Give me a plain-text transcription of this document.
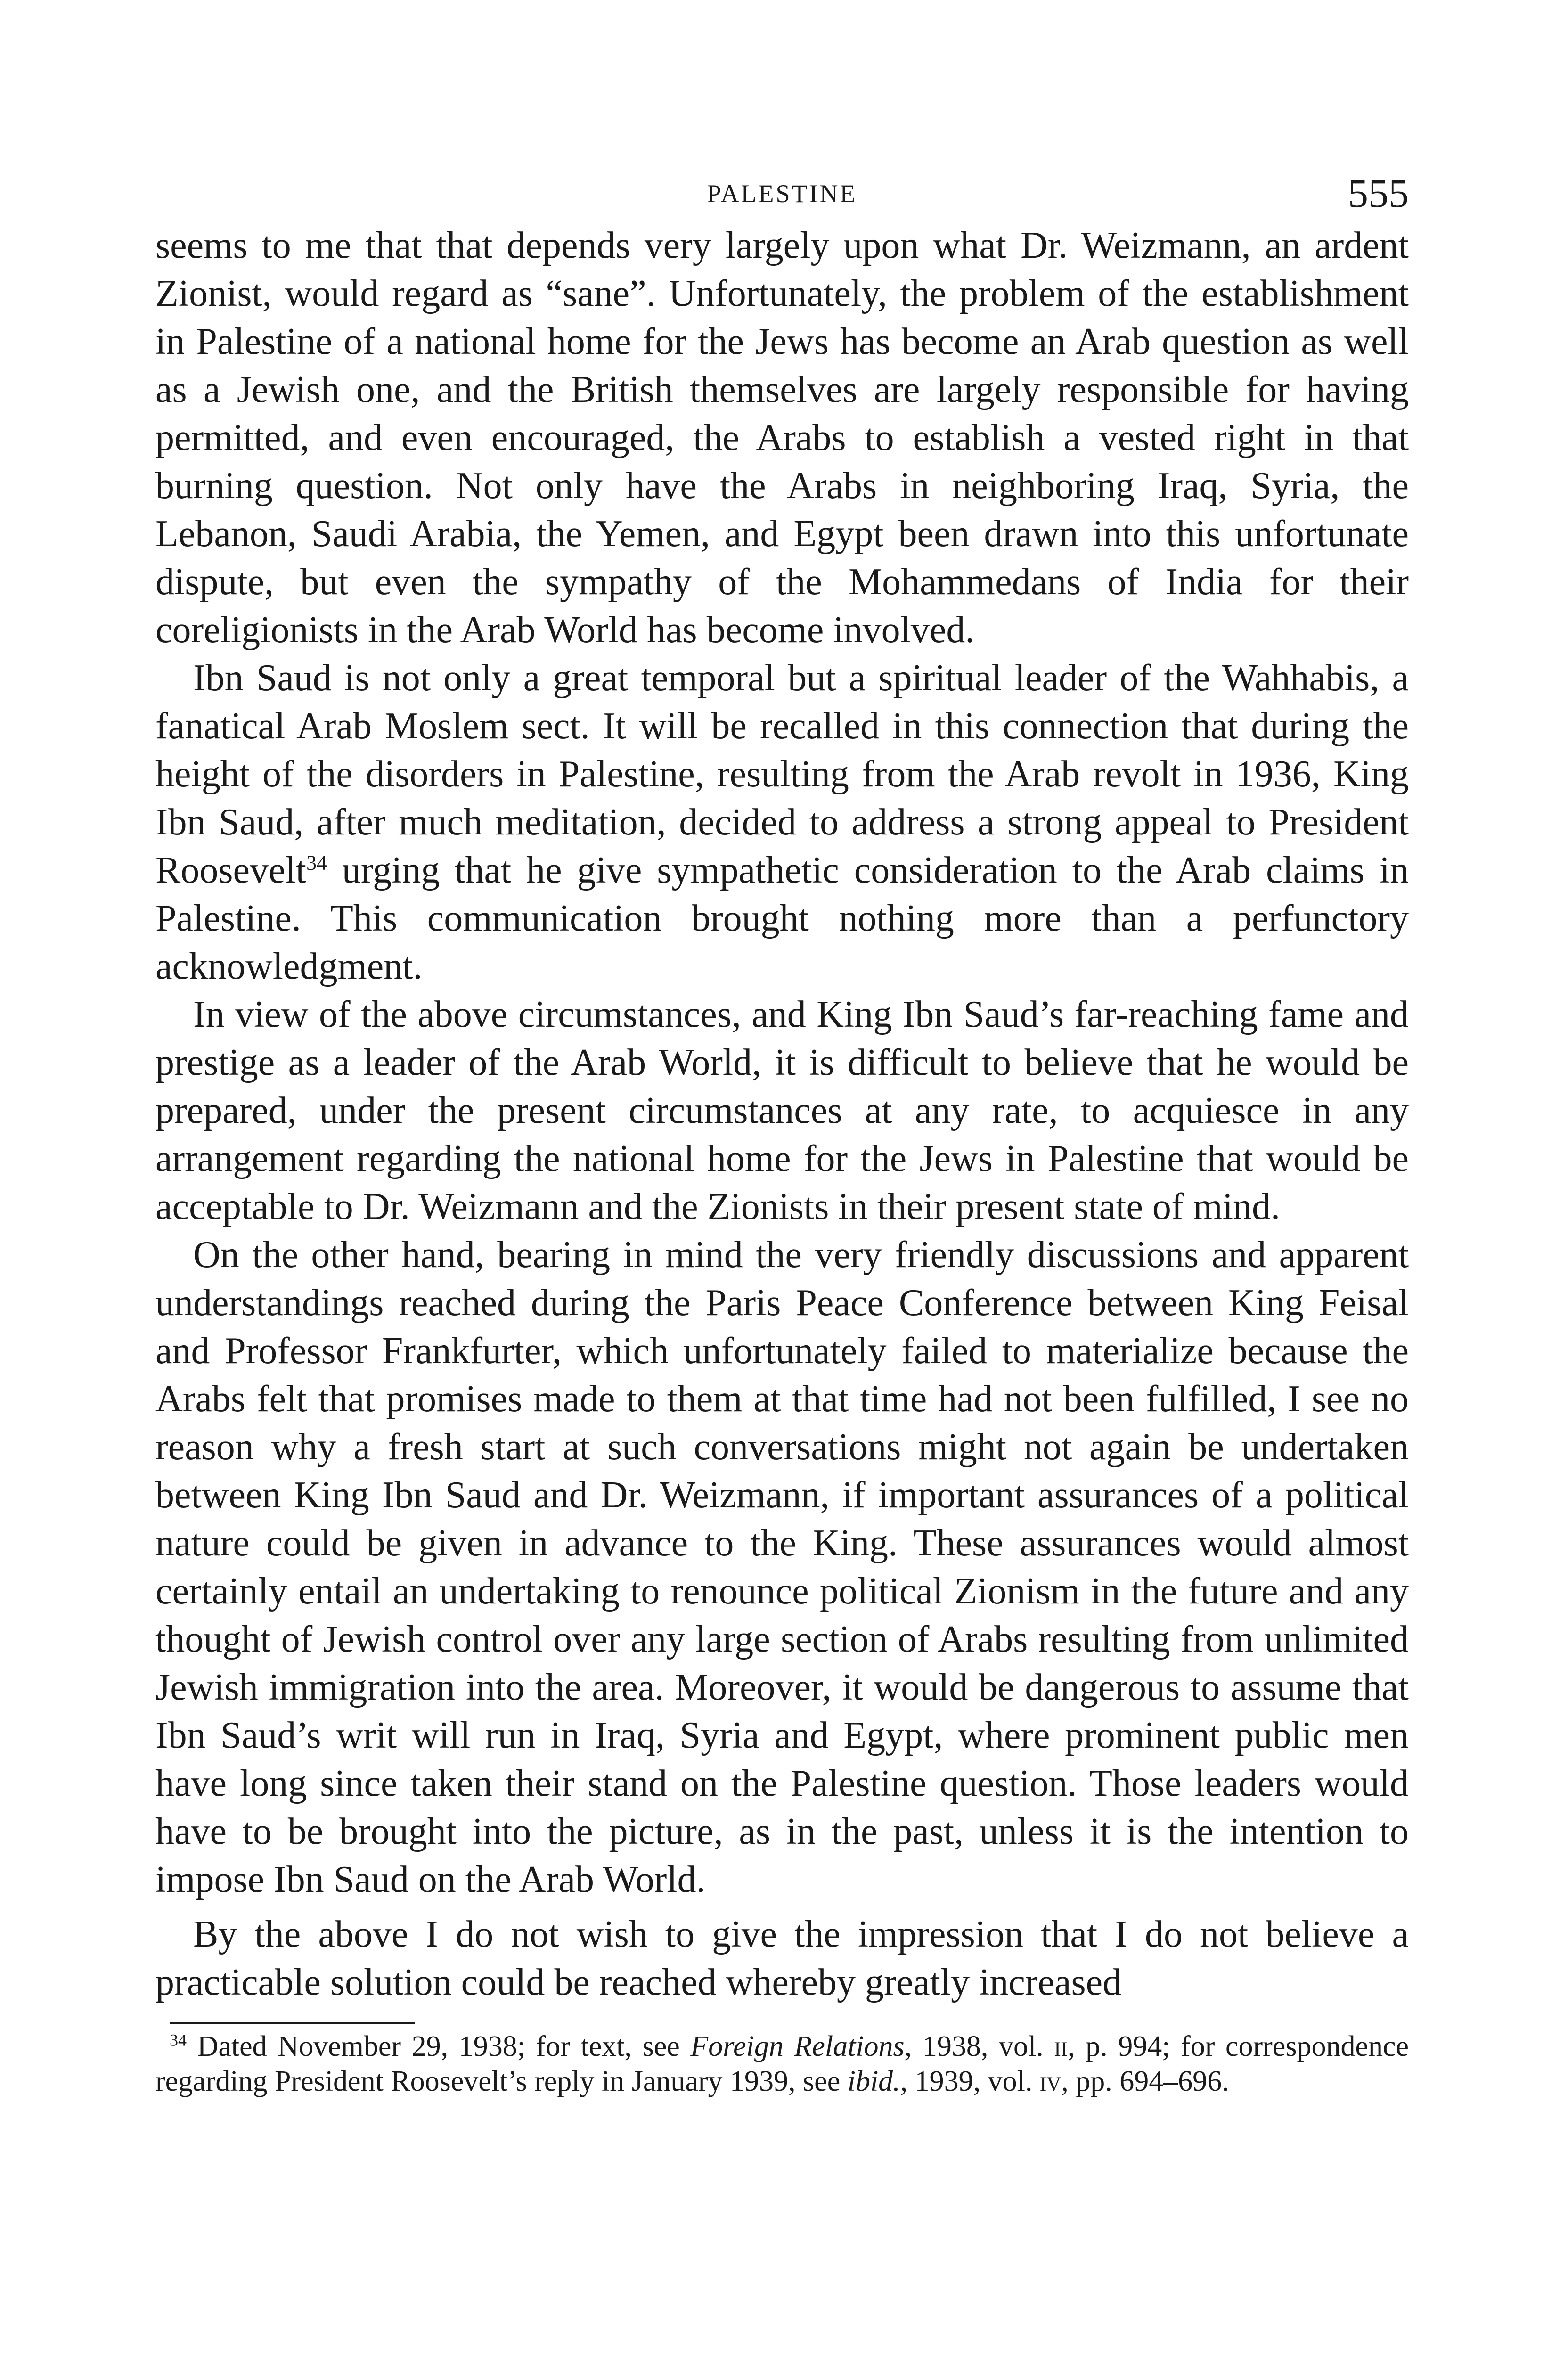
PALESTINE	555

seems to me that that depends very largely upon what Dr. Weizmann, an ardent Zionist, would regard as “sane”. Unfortunately, the problem of the establishment in Palestine of a national home for the Jews has become an Arab question as well as a Jewish one, and the British themselves are largely responsible for having permitted, and even encouraged, the Arabs to establish a vested right in that burning question. Not only have the Arabs in neighboring Iraq, Syria, the Lebanon, Saudi Arabia, the Yemen, and Egypt been drawn into this unfortunate dispute, but even the sympathy of the Mohammedans of India for their coreligionists in the Arab World has become involved.

Ibn Saud is not only a great temporal but a spiritual leader of the Wahhabis, a fanatical Arab Moslem sect. It will be recalled in this connection that during the height of the disorders in Palestine, resulting from the Arab revolt in 1936, King Ibn Saud, after much meditation, decided to address a strong appeal to President Roosevelt$^{34}$ urging that he give sympathetic consideration to the Arab claims in Palestine. This communication brought nothing more than a perfunctory acknowledgment.

In view of the above circumstances, and King Ibn Saud’s far-reaching fame and prestige as a leader of the Arab World, it is difficult to believe that he would be prepared, under the present circumstances at any rate, to acquiesce in any arrangement regarding the national home for the Jews in Palestine that would be acceptable to Dr. Weizmann and the Zionists in their present state of mind.

On the other hand, bearing in mind the very friendly discussions and apparent understandings reached during the Paris Peace Conference between King Feisal and Professor Frankfurter, which unfortunately failed to materialize because the Arabs felt that promises made to them at that time had not been fulfilled, I see no reason why a fresh start at such conversations might not again be undertaken between King Ibn Saud and Dr. Weizmann, if important assurances of a political nature could be given in advance to the King. These assurances would almost certainly entail an undertaking to renounce political Zionism in the future and any thought of Jewish control over any large section of Arabs resulting from unlimited Jewish immigration into the area. Moreover, it would be dangerous to assume that Ibn Saud’s writ will run in Iraq, Syria and Egypt, where prominent public men have long since taken their stand on the Palestine question. Those leaders would have to be brought into the picture, as in the past, unless it is the intention to impose Ibn Saud on the Arab World.

By the above I do not wish to give the impression that I do not believe a practicable solution could be reached whereby greatly increased

$^{34}$ Dated November 29, 1938; for text, see Foreign Relations, 1938, vol. ii, p. 994; for correspondence regarding President Roosevelt’s reply in January 1939, see ibid., 1939, vol. iv, pp. 694–696.
